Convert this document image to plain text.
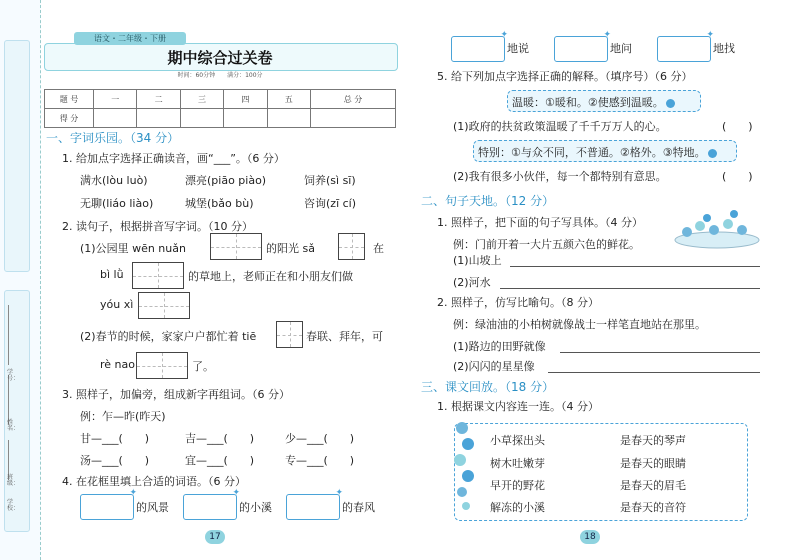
学号：
姓名：
班级：
学校：
语文・二年级・下册
期中综合过关卷
时间：60分钟　　满分：100分
题 号	一	二	三	四	五	总 分
得 分						
一、字词乐园。（34 分）
1. 给加点字选择正确读音，画“___”。（6 分）
满水(lòu luò)	漂亮(piāo piào)	饲养(sì sī)
无聊(liáo liào)	城堡(bǎo bù)	咨询(zī cí)
2. 读句子，根据拼音写字词。（10 分）
(1)公园里 wēn nuǎn	的阳光 sǎ	在
bì lǜ	的草地上，老师正在和小朋友们做
yóu xì
(2)春节的时候，家家户户都忙着 tiē	春联、拜年，可
rè nao	了。
3. 照样子，加偏旁，组成新字再组词。（6 分）
例：乍—昨(昨天)
甘—___(　　)	吉—___(　　)	少—___(　　)
汤—___(　　)	宜—___(　　)	专—___(　　)
4. 在花框里填上合适的词语。（6 分）
✦
的风景 ✦	的小溪 ✦	的春风
17
✦
地说 ✦	地问 ✦	地找
5. 给下列加点字选择正确的解释。（填序号）（6 分）
温暖：①暖和。②使感到温暖。
(1)政府的扶贫政策温暖了千千万万人的心。	(　　)
特别：①与众不同，不普通。②格外。③特地。
(2)我有很多小伙伴，每一个都特别有意思。	(　　)
二、句子天地。（12 分）
1. 照样子，把下面的句子写具体。（4 分）
例：门前开着一大片五颜六色的鲜花。
(1)山坡上
(2)河水
2. 照样子，仿写比喻句。（8 分）
例：绿油油的小柏树就像战士一样笔直地站在那里。
(1)路边的田野就像
(2)闪闪的星星像
三、课文回放。（18 分）
1. 根据课文内容连一连。（4 分）
小草探出头
树木吐嫩芽
早开的野花
解冻的小溪
是春天的琴声
是春天的眼睛
是春天的眉毛
是春天的音符
18
